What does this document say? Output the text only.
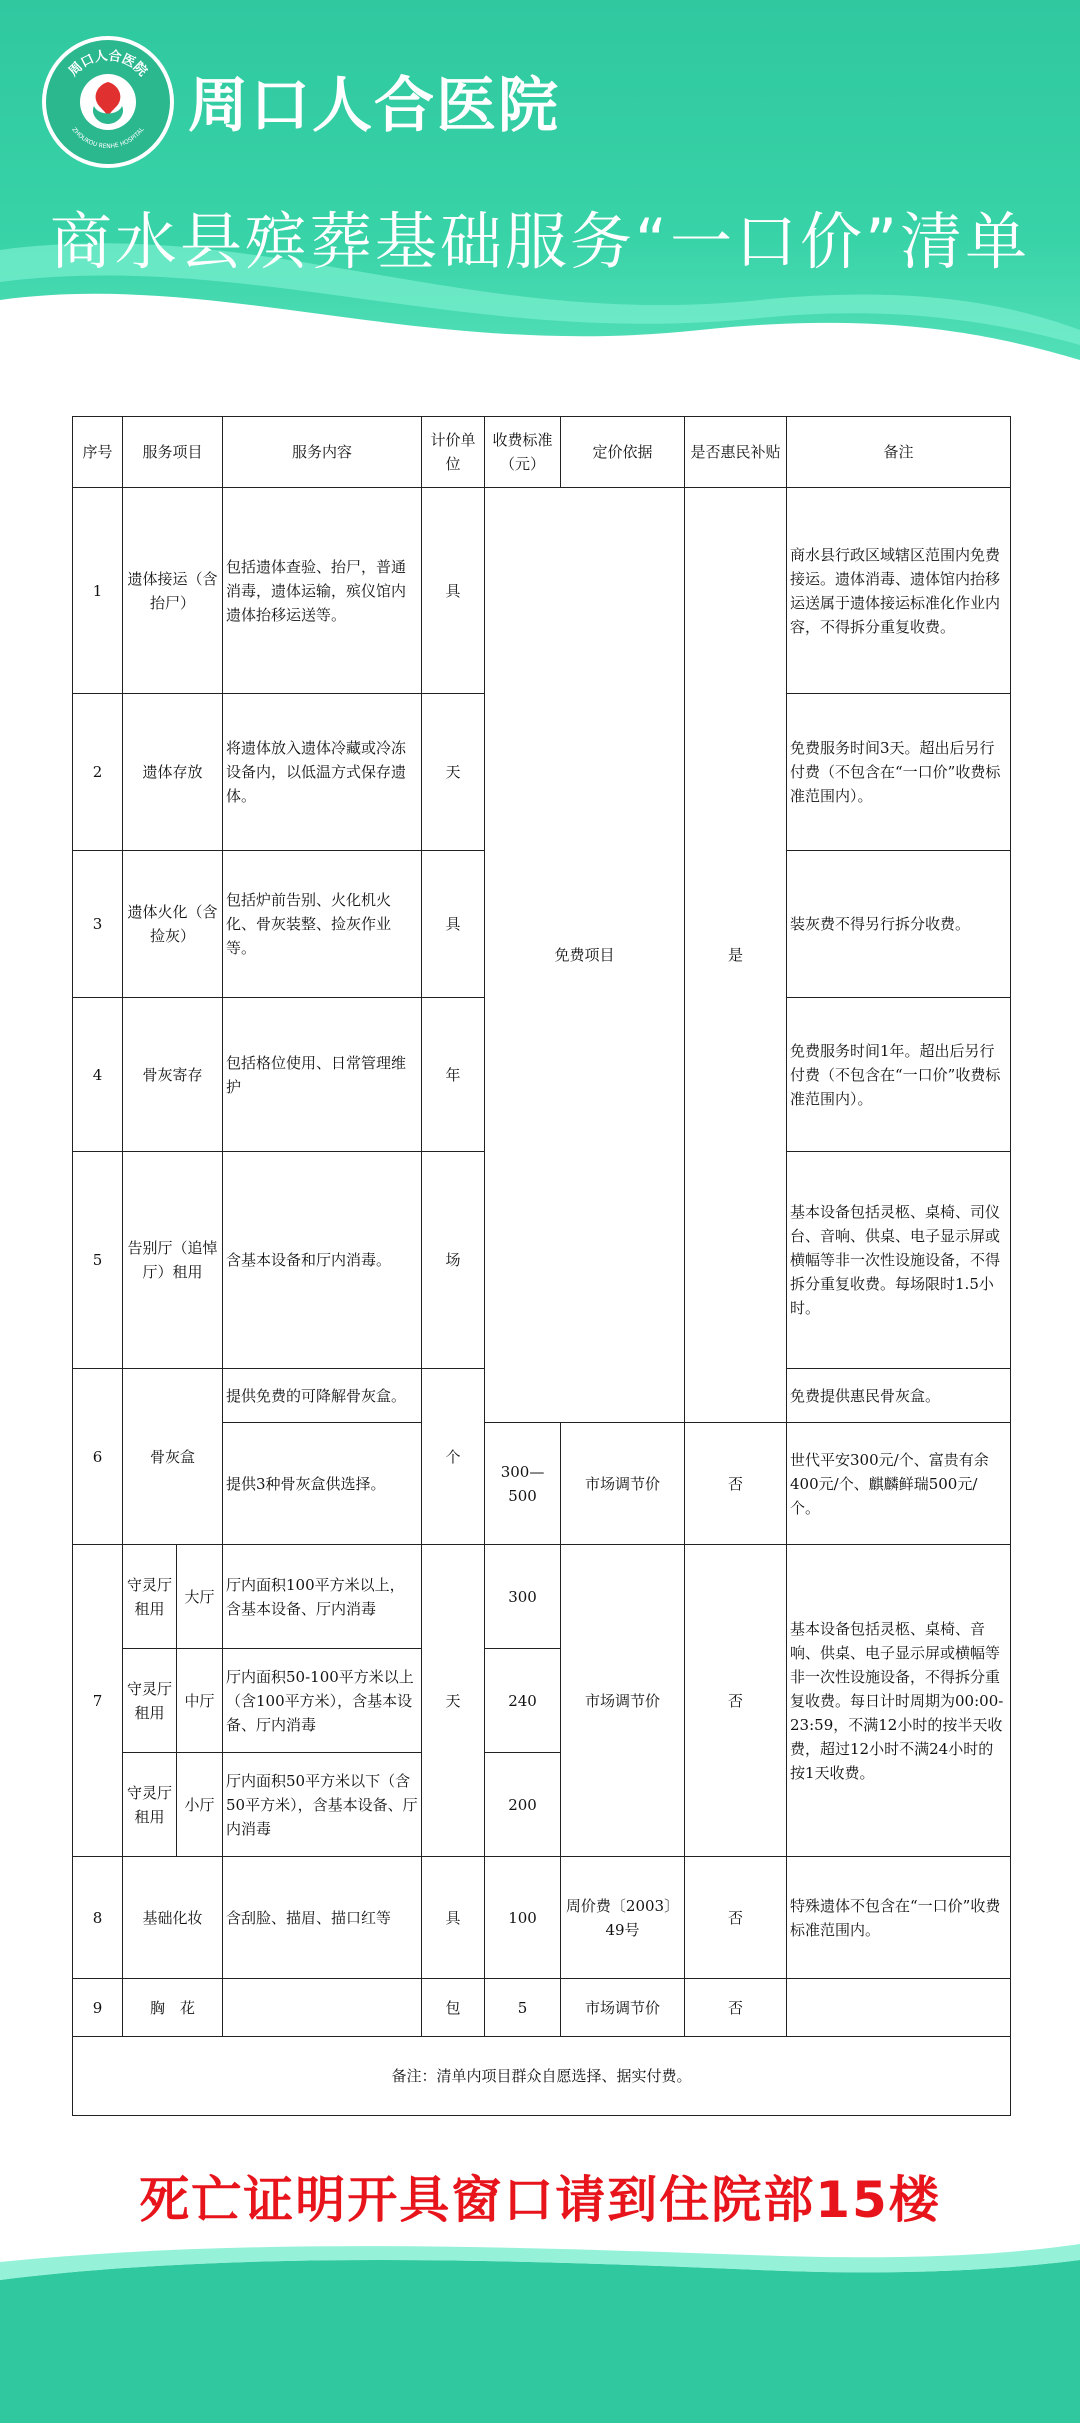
周口人合医院
ZHOUKOU RENHE HOSPITAL 周口人合医院
商水县殡葬基础服务“一口价”清单
序号	服务项目		服务内容	计价单位	收费标准（元）	定价依据	是否惠民补贴	备注
1	遗体接运（含抬尸）		包括遗体查验、抬尸，普通消毒，遗体运输，殡仪馆内遗体抬移运送等。	具	免费项目		是	商水县行政区域辖区范围内免费接运。遗体消毒、遗体馆内抬移运送属于遗体接运标准化作业内容，不得拆分重复收费。
2	遗体存放		将遗体放入遗体冷藏或冷冻设备内，以低温方式保存遗体。	天				免费服务时间3天。超出后另行付费（不包含在“一口价”收费标准范围内）。
3	遗体火化（含捡灰）		包括炉前告别、火化机火化、骨灰装整、捡灰作业等。	具				装灰费不得另行拆分收费。
4	骨灰寄存		包括格位使用、日常管理维护	年				免费服务时间1年。超出后另行付费（不包含在“一口价”收费标准范围内）。
5	告别厅（追悼厅）租用		含基本设备和厅内消毒。	场				基本设备包括灵柩、桌椅、司仪台、音响、供桌、电子显示屏或横幅等非一次性设施设备，不得拆分重复收费。每场限时1.5小时。
6	骨灰盒		提供免费的可降解骨灰盒。	个				免费提供惠民骨灰盒。
			提供3种骨灰盒供选择。		300—500	市场调节价	否	世代平安300元/个、富贵有余400元/个、麒麟鲜瑞500元/个。
7	守灵厅租用	大厅	厅内面积100平方米以上，含基本设备、厅内消毒	天	300	市场调节价	否	基本设备包括灵柩、桌椅、音响、供桌、电子显示屏或横幅等非一次性设施设备，不得拆分重复收费。每日计时周期为00:00-23:59，不满12小时的按半天收费，超过12小时不满24小时的按1天收费。
	守灵厅租用	中厅	厅内面积50-100平方米以上（含100平方米），含基本设备、厅内消毒		240			
	守灵厅租用	小厅	厅内面积50平方米以下（含50平方米），含基本设备、厅内消毒		200			
8	基础化妆		含刮脸、描眉、描口红等	具	100	周价费〔2003〕49号	否	特殊遗体不包含在“一口价”收费标准范围内。
9	胸　花			包	5	市场调节价	否	
备注：清单内项目群众自愿选择、据实付费。								
死亡证明开具窗口请到住院部15楼
